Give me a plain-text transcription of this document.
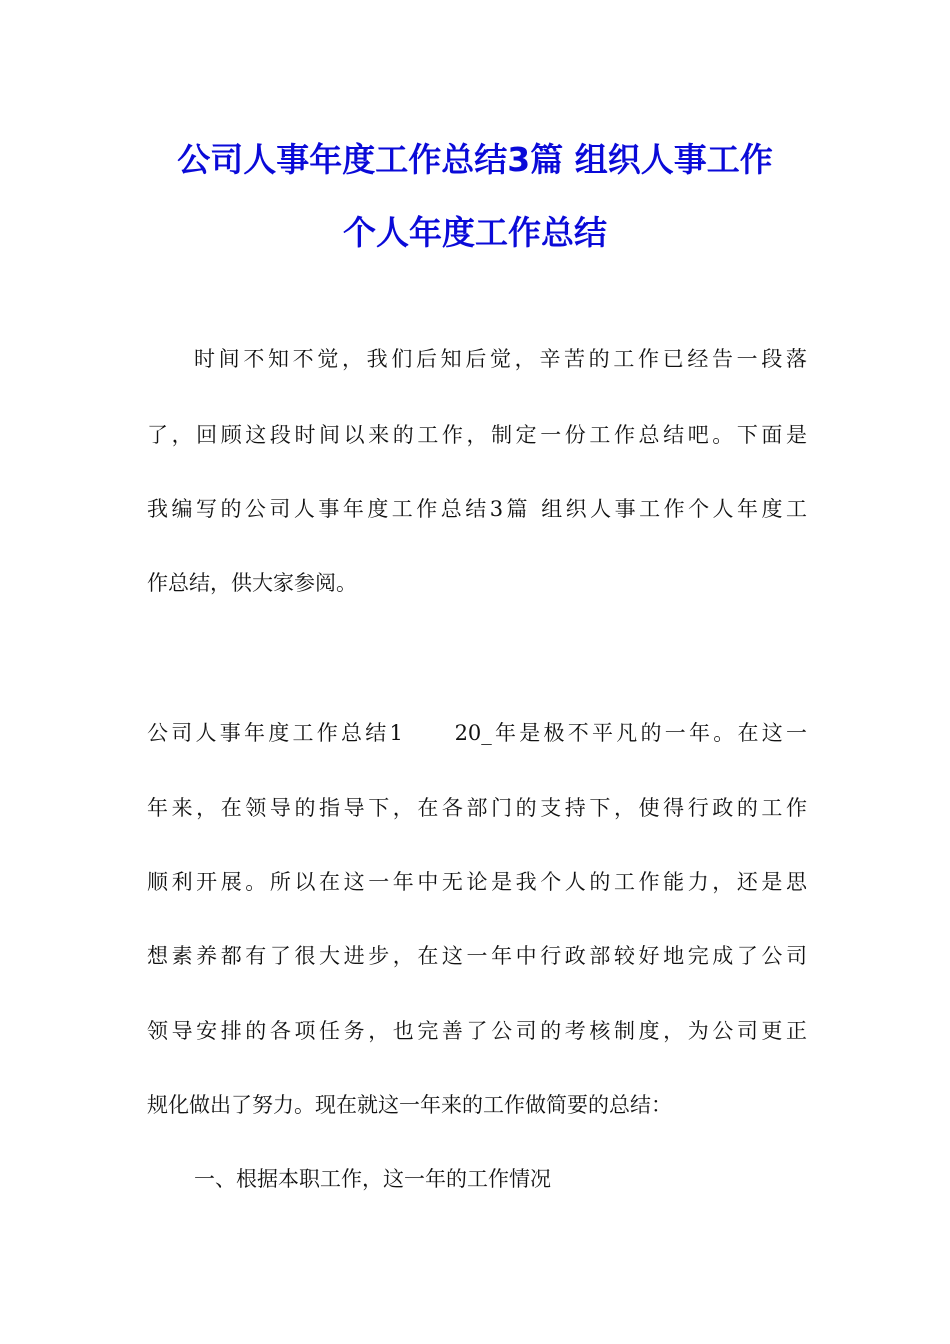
公司人事年度工作总结3篇 组织人事工作
个人年度工作总结
时间不知不觉，我们后知后觉，辛苦的工作已经告一段落
了，回顾这段时间以来的工作，制定一份工作总结吧。下面是
我编写的公司人事年度工作总结3篇 组织人事工作个人年度工
作总结，供大家参阅。
公司人事年度工作总结1　　20_年是极不平凡的一年。在这一
年来，在领导的指导下，在各部门的支持下，使得行政的工作
顺利开展。所以在这一年中无论是我个人的工作能力，还是思
想素养都有了很大进步，在这一年中行政部较好地完成了公司
领导安排的各项任务，也完善了公司的考核制度，为公司更正
规化做出了努力。现在就这一年来的工作做简要的总结：
一、根据本职工作，这一年的工作情况
